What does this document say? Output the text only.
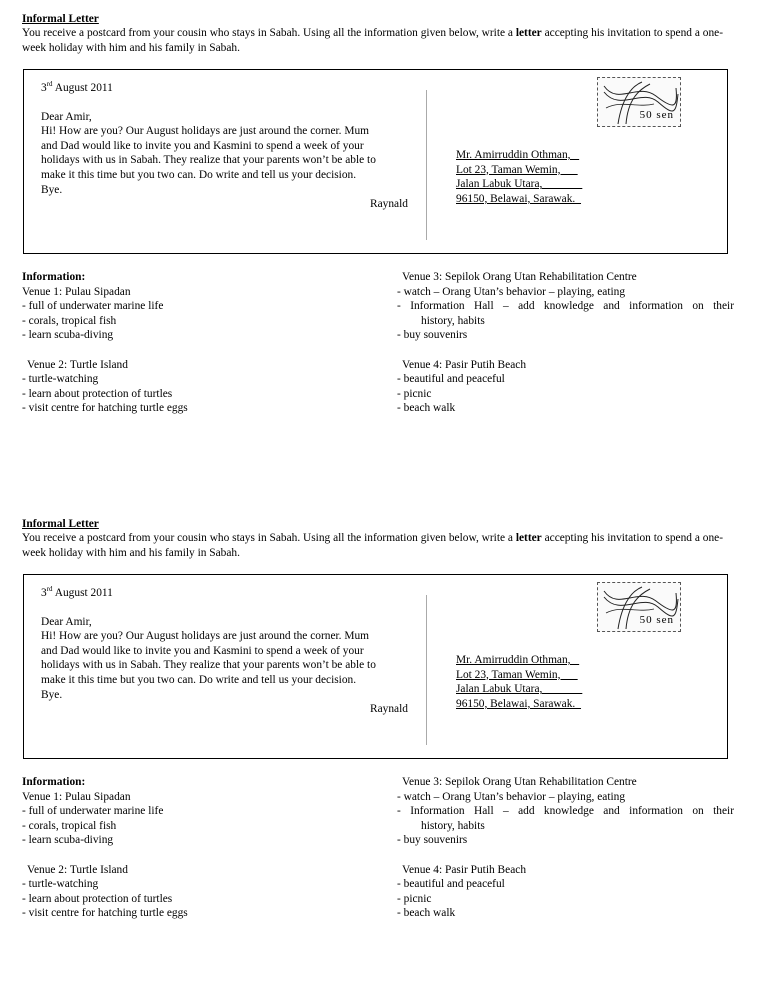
Informal Letter
You receive a postcard from your cousin who stays in Sabah. Using all the information given below, write a letter accepting his invitation to spend a one-week holiday with him and his family in Sabah.
3rd August 2011
Dear Amir,
Hi! How are you? Our August holidays are just around the corner. Mum
and Dad would like to invite you and Kasmini to spend a week of your
holidays with us in Sabah. They realize that your parents won’t be able to
make it this time but you two can. Do write and tell us your decision.
Bye.
Raynald
50 sen
Mr. Amirruddin Othman, _
Lot 23, Taman Wemin,___
Jalan Labuk Utara,_______
96150, Belawai, Sarawak._
Information:
Venue 1: Pulau Sipadan
- full of underwater marine life
- corals, tropical fish
- learn scuba-diving
Venue 2: Turtle Island
- turtle-watching
- learn about protection of turtles
- visit centre for hatching turtle eggs
Venue 3: Sepilok Orang Utan Rehabilitation Centre
- watch – Orang Utan’s behavior – playing, eating
- Information Hall – add knowledge and information on their
history, habits
- buy souvenirs
Venue 4: Pasir Putih Beach
- beautiful and peaceful
- picnic
- beach walk
Informal Letter
You receive a postcard from your cousin who stays in Sabah. Using all the information given below, write a letter accepting his invitation to spend a one-week holiday with him and his family in Sabah.
3rd August 2011
Dear Amir,
Hi! How are you? Our August holidays are just around the corner. Mum
and Dad would like to invite you and Kasmini to spend a week of your
holidays with us in Sabah. They realize that your parents won’t be able to
make it this time but you two can. Do write and tell us your decision.
Bye.
Raynald
50 sen
Mr. Amirruddin Othman, _
Lot 23, Taman Wemin,___
Jalan Labuk Utara,_______
96150, Belawai, Sarawak._
Information:
Venue 1: Pulau Sipadan
- full of underwater marine life
- corals, tropical fish
- learn scuba-diving
Venue 2: Turtle Island
- turtle-watching
- learn about protection of turtles
- visit centre for hatching turtle eggs
Venue 3: Sepilok Orang Utan Rehabilitation Centre
- watch – Orang Utan’s behavior – playing, eating
- Information Hall – add knowledge and information on their
history, habits
- buy souvenirs
Venue 4: Pasir Putih Beach
- beautiful and peaceful
- picnic
- beach walk
